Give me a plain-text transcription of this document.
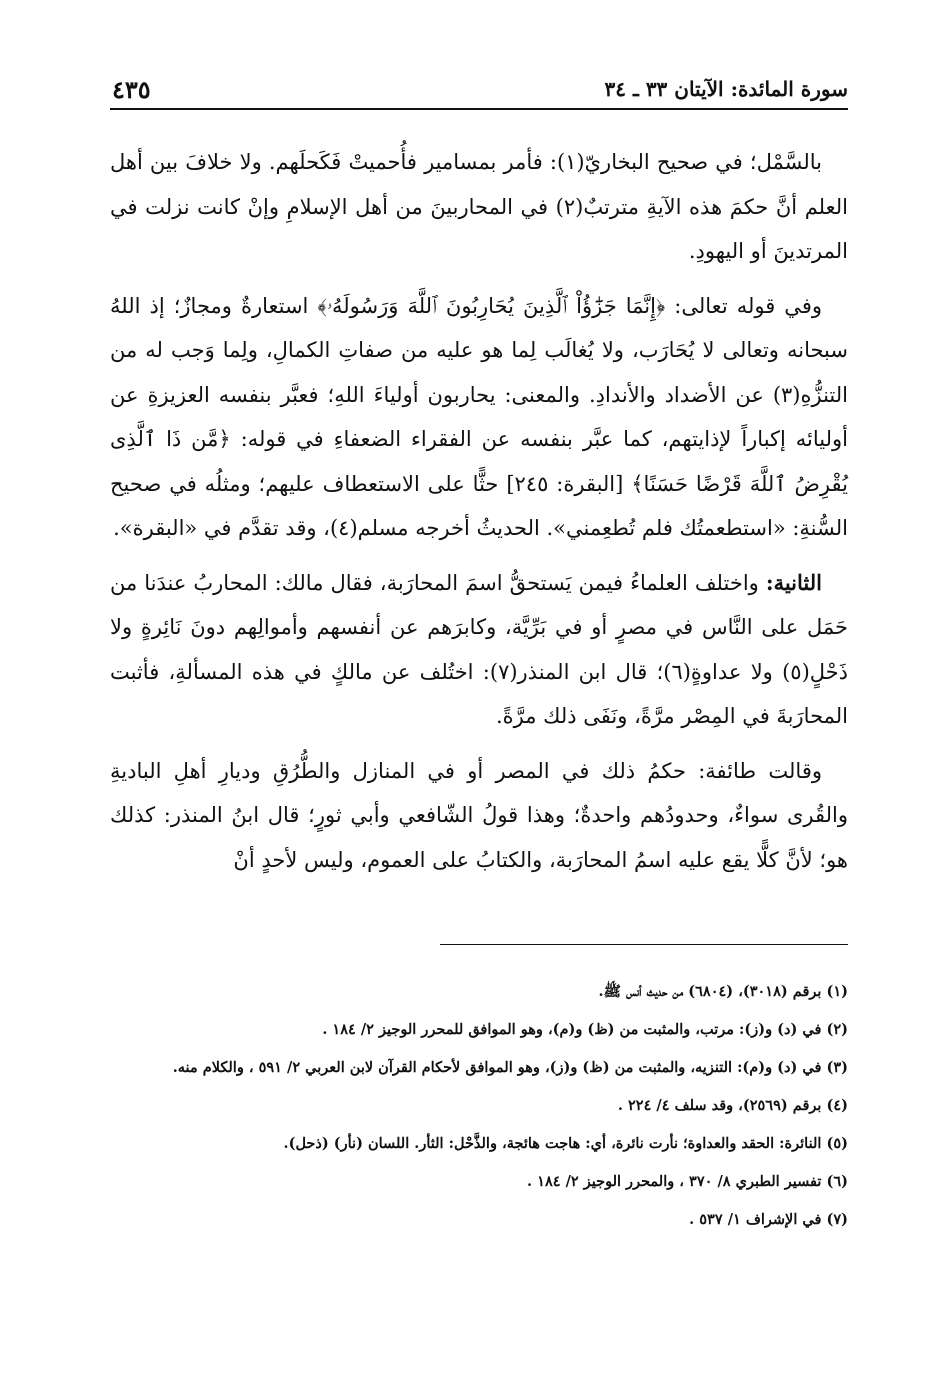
سورة المائدة: الآيتان ٣٣ ـ ٣٤
٤٣٥

بالسَّمْل؛ في صحيح البخاريّ(١): فأمر بمسامير فأُحميتْ فَكَحلَهم. ولا خلافَ بين أهل العلم أنَّ حكمَ هذه الآيةِ مترتبٌ(٢) في المحاربينَ من أهل الإسلامِ وإنْ كانت نزلت في المرتدينَ أو اليهودِ.

وفي قوله تعالى: ﴿إِنَّمَا جَزَٰٓؤُاْ ٱلَّذِينَ يُحَارِبُونَ ٱللَّهَ وَرَسُولَهُۥ﴾ استعارةٌ ومجازٌ؛ إذ اللهُ سبحانه وتعالى لا يُحَارَب، ولا يُغالَب لِما هو عليه من صفاتِ الكمالِ، ولِما وَجب له من التنزُّهِ(٣) عن الأضداد والأندادِ. والمعنى: يحاربون أولياءَ اللهِ؛ فعبَّر بنفسه العزيزةِ عن أوليائه إكباراً لإذايتهم، كما عبَّر بنفسه عن الفقراء الضعفاءِ في قوله: ﴿مَّن ذَا ٱلَّذِى يُقْرِضُ ٱللَّهَ قَرْضًا حَسَنًا﴾ [البقرة: ٢٤٥] حثًّا على الاستعطاف عليهم؛ ومثلُه في صحيح السُّنةِ: «استطعمتُك فلم تُطعِمني». الحديثُ أخرجه مسلم(٤)، وقد تقدَّم في «البقرة».

الثانية: واختلف العلماءُ فيمن يَستحقُّ اسمَ المحارَبة، فقال مالك: المحاربُ عندَنا من حَمَل على النَّاس في مصرٍ أو في بَرِّيَّة، وكابرَهم عن أنفسهم وأموالِهم دونَ نَائِرةٍ ولا ذَحْلٍ(٥) ولا عداوةٍ(٦)؛ قال ابن المنذر(٧): اختُلف عن مالكٍ في هذه المسألةِ، فأثبت المحارَبةَ في المِصْر مرَّةً، ونَفَى ذلك مرَّةً.

وقالت طائفة: حكمُ ذلك في المصر أو في المنازل والطُّرُقِ وديارِ أهلِ الباديةِ والقُرى سواءٌ، وحدودُهم واحدةٌ؛ وهذا قولُ الشّافعي وأبي ثورٍ؛ قال ابنُ المنذر: كذلك هو؛ لأنَّ كلًّا يقع عليه اسمُ المحارَبة، والكتابُ على العموم، وليس لأحدٍ أنْ

(١) برقم (٣٠١٨)، (٦٨٠٤) من حديث أنس ﷺ.

(٢) في (د) و(ز): مرتب، والمثبت من (ظ) و(م)، وهو الموافق للمحرر الوجيز ٢/ ١٨٤ .

(٣) في (د) و(م): التنزيه، والمثبت من (ظ) و(ز)، وهو الموافق لأحكام القرآن لابن العربي ٢/ ٥٩١ ، والكلام منه.

(٤) برقم (٢٥٦٩)، وقد سلف ٤/ ٢٢٤ .

(٥) النائرة: الحقد والعداوة؛ نأرت نائرة، أي: هاجت هائجة، والذَّحْل: الثأر. اللسان (نأر) (ذحل).

(٦) تفسير الطبري ٨/ ٣٧٠ ، والمحرر الوجيز ٢/ ١٨٤ .

(٧) في الإشراف ١/ ٥٣٧ .
